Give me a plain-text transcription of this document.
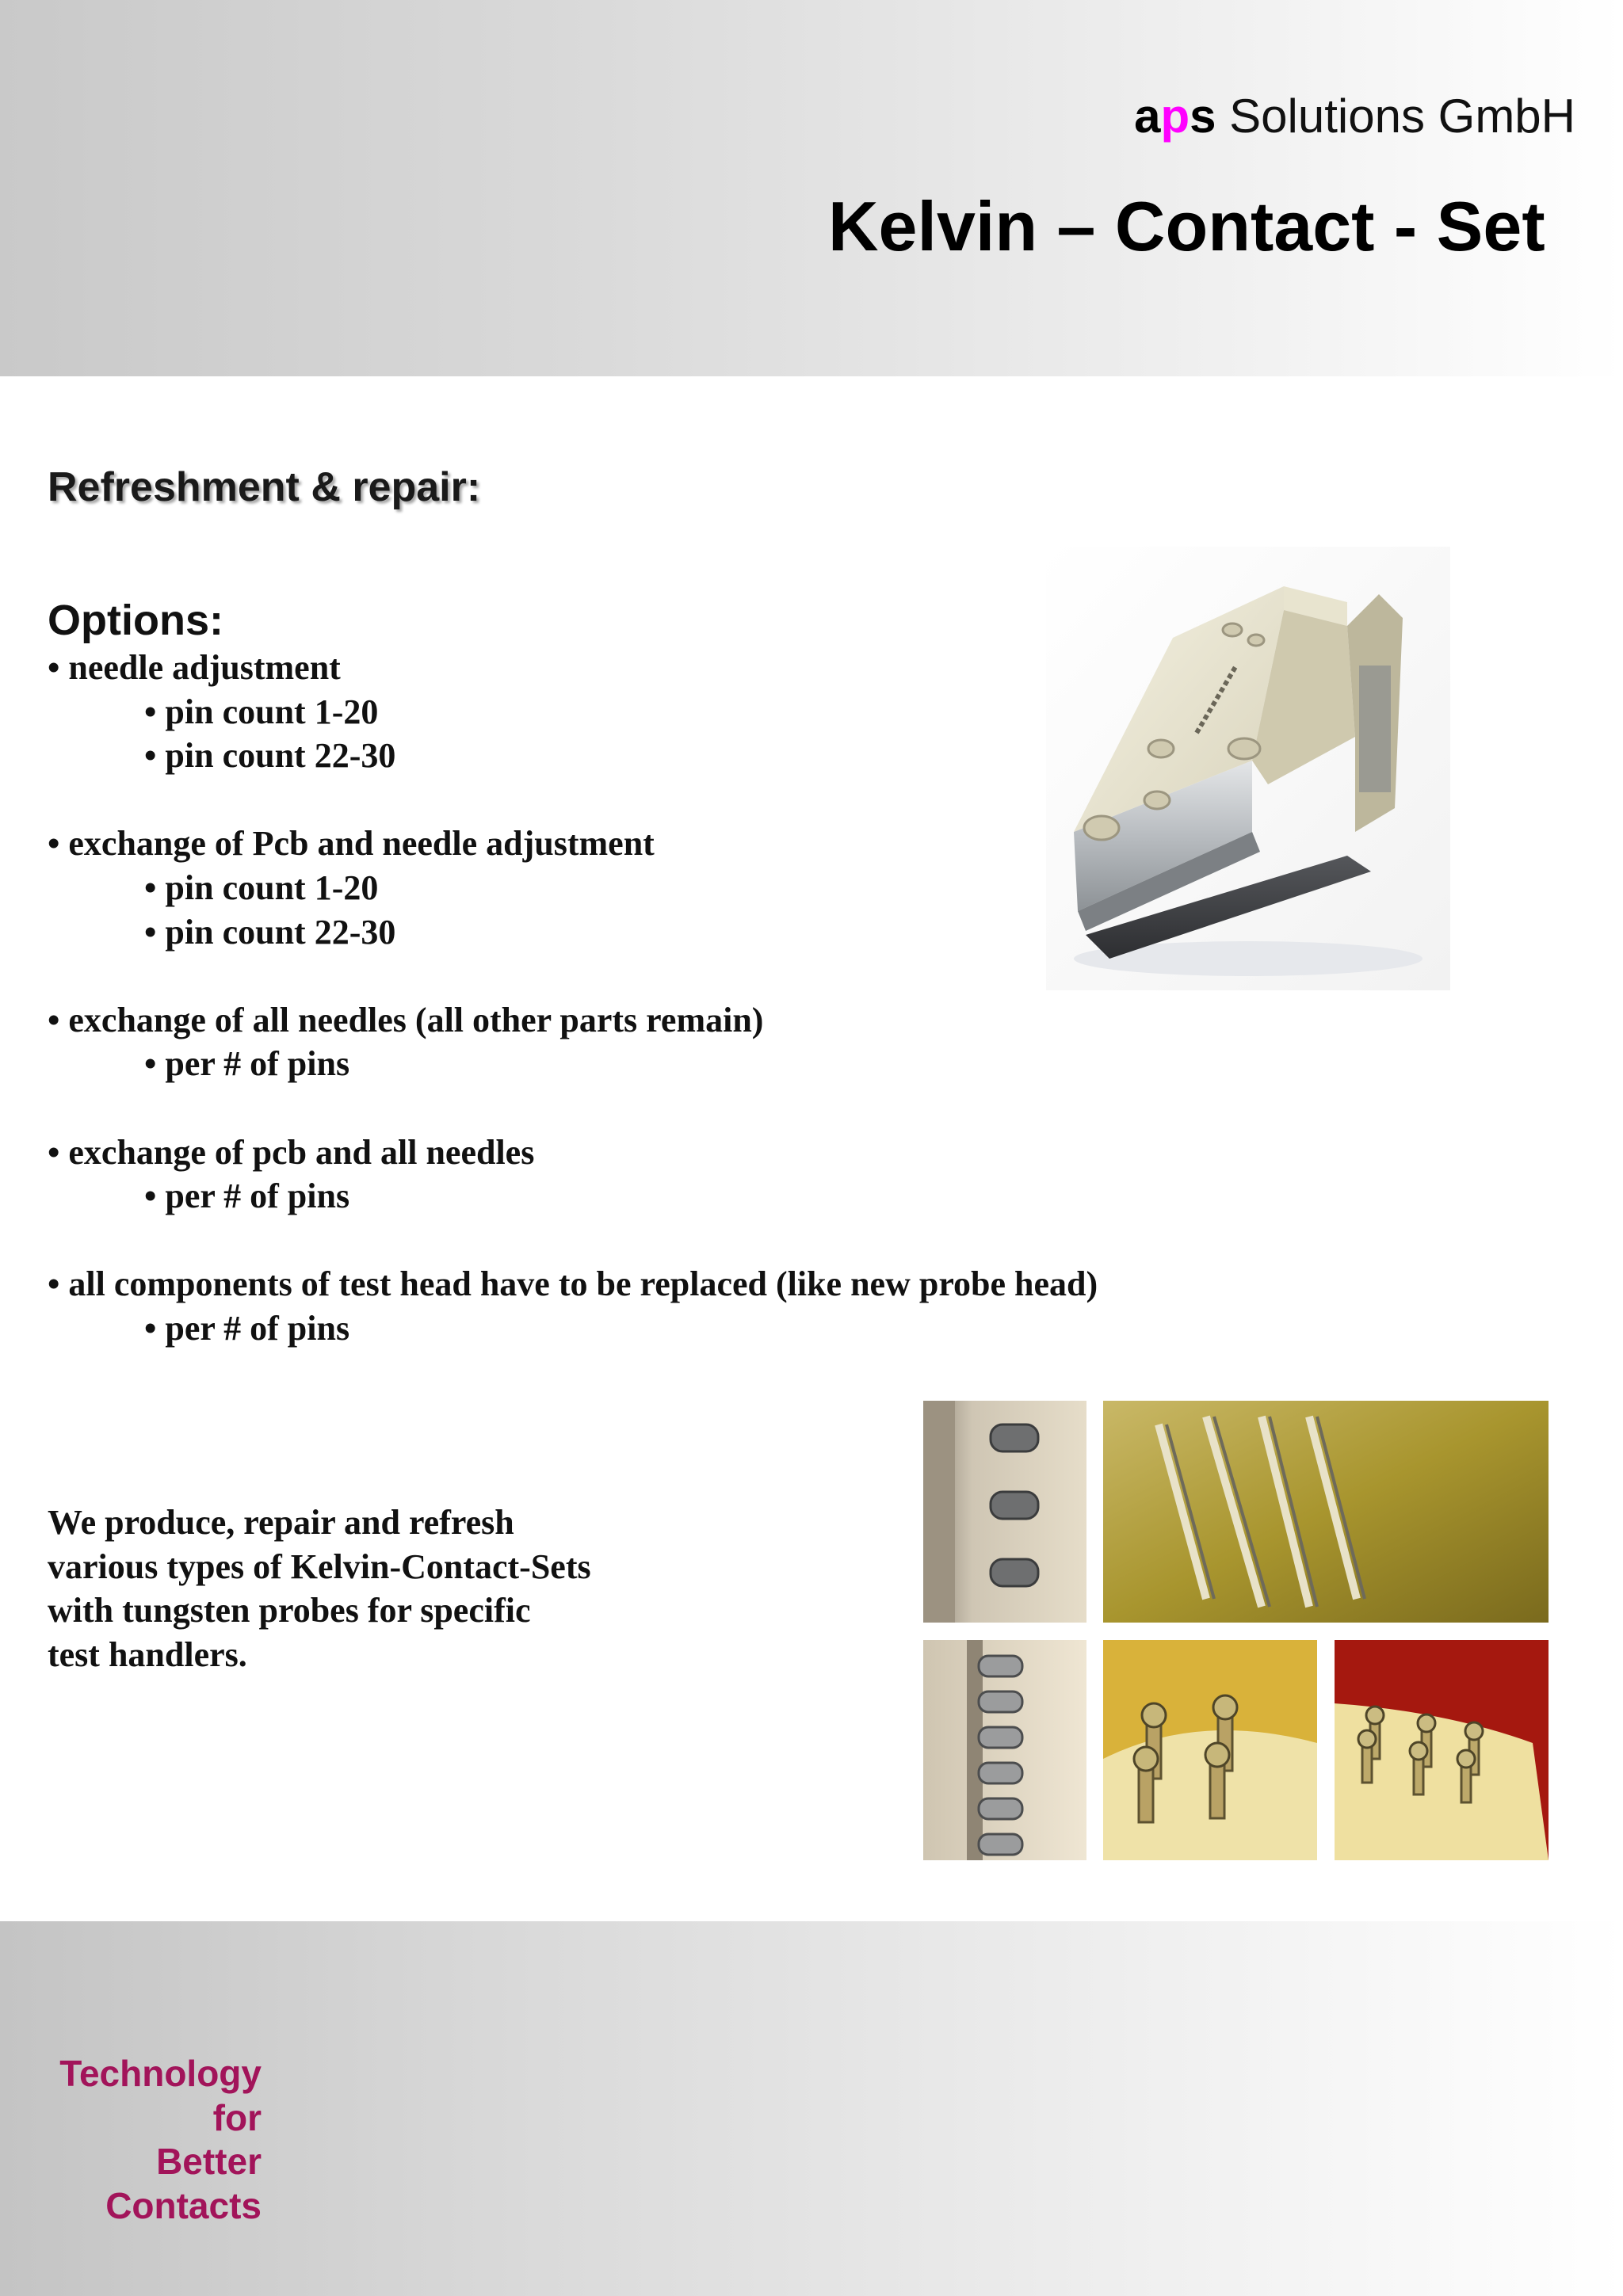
aps Solutions GmbH
Kelvin – Contact - Set
Refreshment & repair:
Options:
• needle adjustment
• pin count 1-20
• pin count 22-30
• exchange of Pcb and needle adjustment
• pin count 1-20
• pin count 22-30
• exchange of all needles (all other parts remain)
• per # of pins
• exchange of pcb and all needles
• per # of pins
• all components of test head have to be replaced (like new probe head)
• per # of pins
We produce, repair and refresh
various types of Kelvin-Contact-Sets
with tungsten probes for specific
test handlers.
Technology
for
Better
Contacts
